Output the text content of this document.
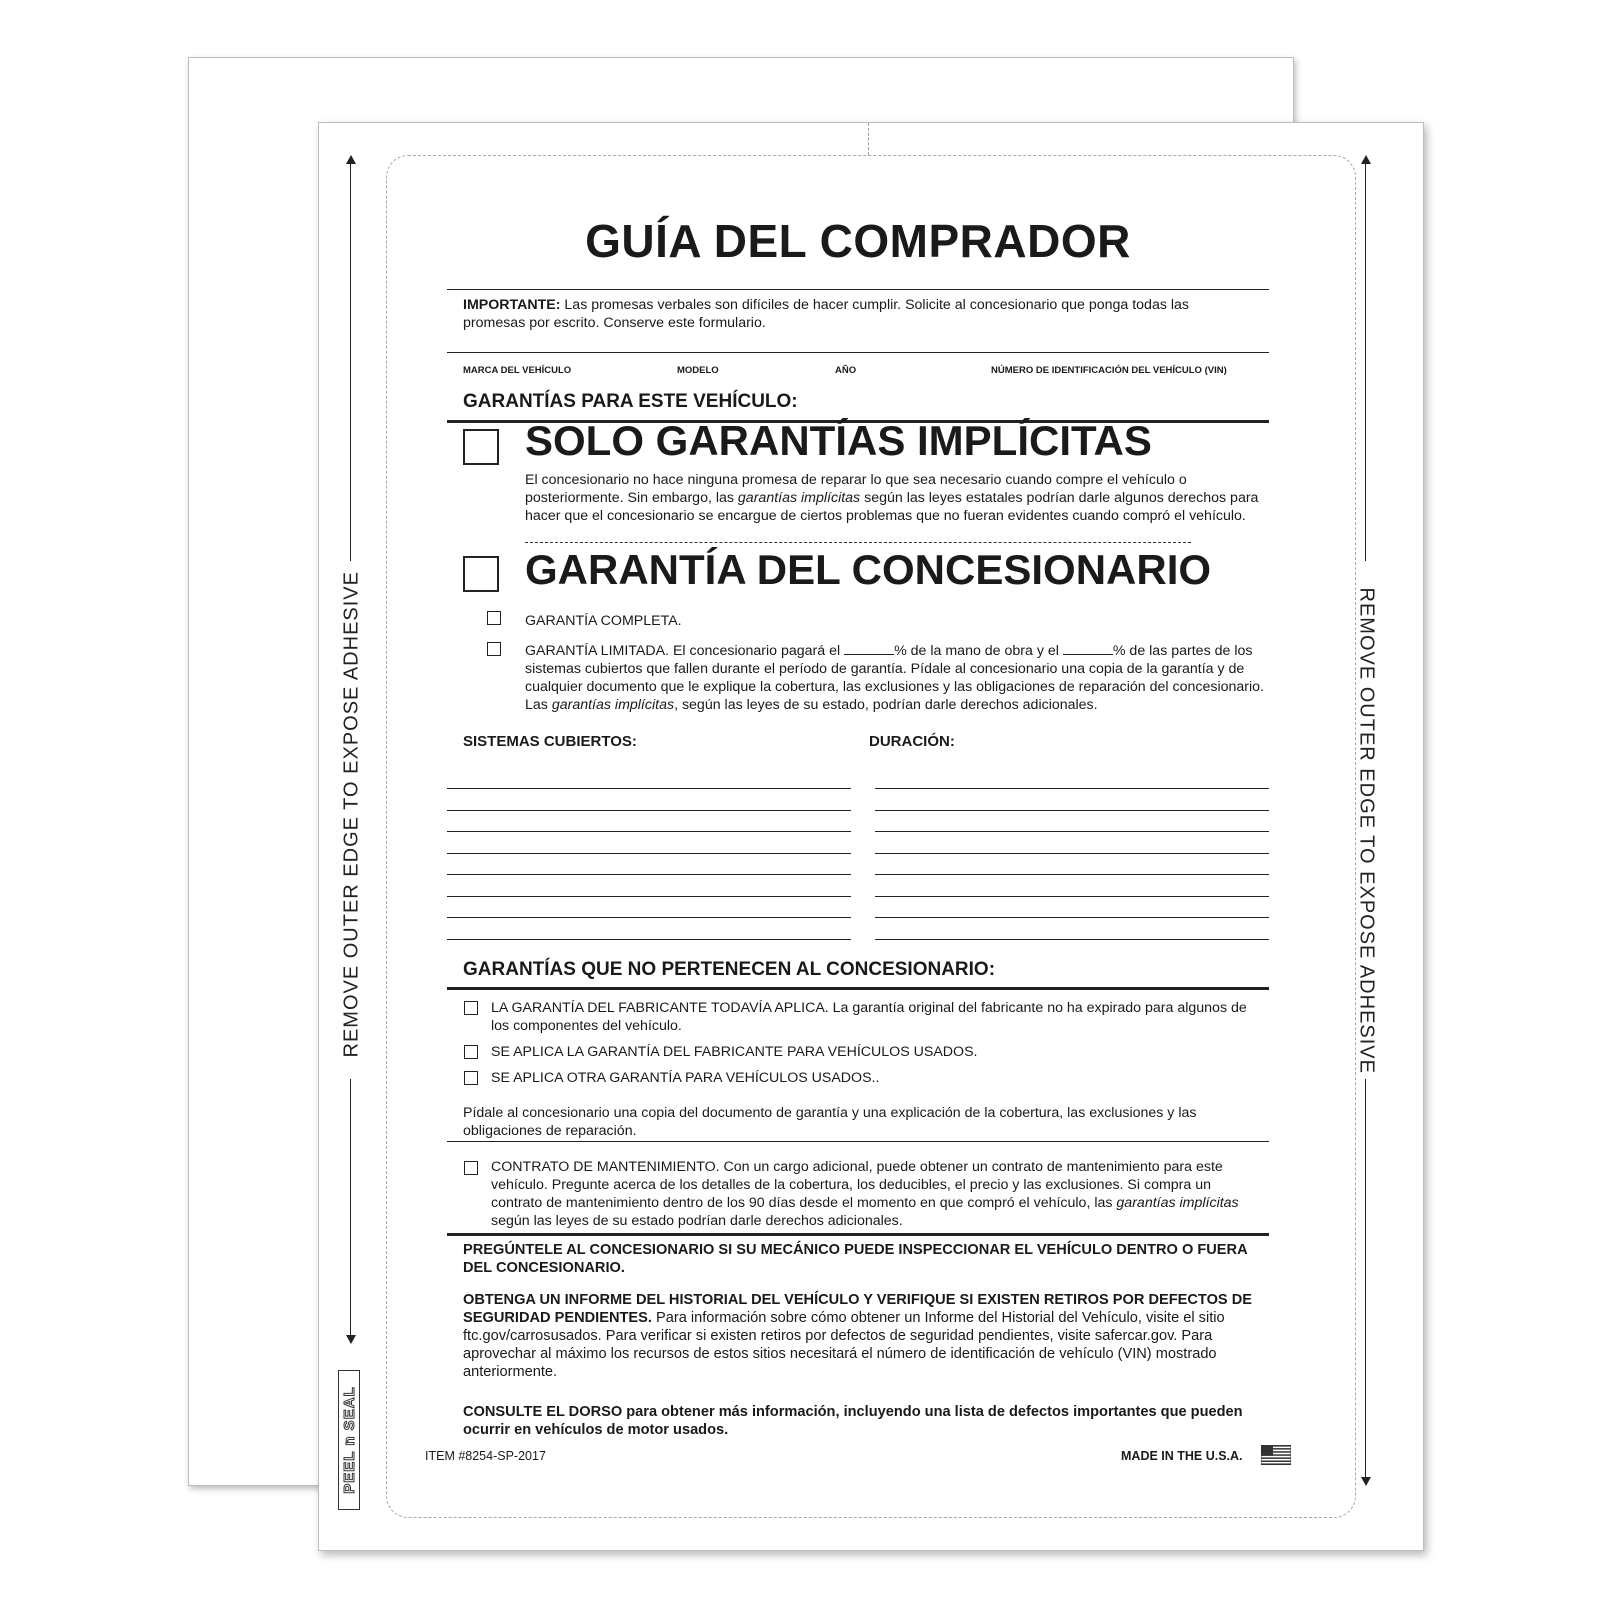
REMOVE OUTER EDGE TO EXPOSE ADHESIVE	REMOVE OUTER EDGE TO EXPOSE ADHESIVE
PEEL n SEAL
GUÍA DEL COMPRADOR
IMPORTANTE: Las promesas verbales son difíciles de hacer cumplir. Solicite al concesionario que ponga todas las promesas por escrito. Conserve este formulario.
MARCA DEL VEHÍCULO	MODELO	AÑO	NÚMERO DE IDENTIFICACIÓN DEL VEHÍCULO (VIN)
GARANTÍAS PARA ESTE VEHÍCULO:
SOLO GARANTÍAS IMPLÍCITAS
El concesionario no hace ninguna promesa de reparar lo que sea necesario cuando compre el vehículo o posteriormente. Sin embargo, las garantías implícitas según las leyes estatales podrían darle algunos derechos para hacer que el concesionario se encargue de ciertos problemas que no fueran evidentes cuando compró el vehículo.
GARANTÍA DEL CONCESIONARIO
GARANTÍA COMPLETA.
GARANTÍA LIMITADA. El concesionario pagará el	% de la mano de obra y el	% de las partes de los sistemas cubiertos que fallen durante el período de garantía. Pídale al concesionario una copia de la garantía y de cualquier documento que le explique la cobertura, las exclusiones y las obligaciones de reparación del concesionario. Las garantías implícitas, según las leyes de su estado, podrían darle derechos adicionales.
SISTEMAS CUBIERTOS:	DURACIÓN:
GARANTÍAS QUE NO PERTENECEN AL CONCESIONARIO:
LA GARANTÍA DEL FABRICANTE TODAVÍA APLICA. La garantía original del fabricante no ha expirado para algunos de los componentes del vehículo.
SE APLICA LA GARANTÍA DEL FABRICANTE PARA VEHÍCULOS USADOS.
SE APLICA OTRA GARANTÍA PARA VEHÍCULOS USADOS..
Pídale al concesionario una copia del documento de garantía y una explicación de la cobertura, las exclusiones y las obligaciones de reparación.
CONTRATO DE MANTENIMIENTO. Con un cargo adicional, puede obtener un contrato de mantenimiento para este vehículo. Pregunte acerca de los detalles de la cobertura, los deducibles, el precio y las exclusiones. Si compra un contrato de mantenimiento dentro de los 90 días desde el momento en que compró el vehículo, las garantías implícitas según las leyes de su estado podrían darle derechos adicionales.
PREGÚNTELE AL CONCESIONARIO SI SU MECÁNICO PUEDE INSPECCIONAR EL VEHÍCULO DENTRO O FUERA DEL CONCESIONARIO.
OBTENGA UN INFORME DEL HISTORIAL DEL VEHÍCULO Y VERIFIQUE SI EXISTEN RETIROS POR DEFECTOS DE SEGURIDAD PENDIENTES. Para información sobre cómo obtener un Informe del Historial del Vehículo, visite el sitio ftc.gov/carrosusados. Para verificar si existen retiros por defectos de seguridad pendientes, visite safercar.gov. Para aprovechar al máximo los recursos de estos sitios necesitará el número de identificación de vehículo (VIN) mostrado anteriormente.
CONSULTE EL DORSO para obtener más información, incluyendo una lista de defectos importantes que pueden ocurrir en vehículos de motor usados.
ITEM #8254-SP-2017	MADE IN THE U.S.A.
